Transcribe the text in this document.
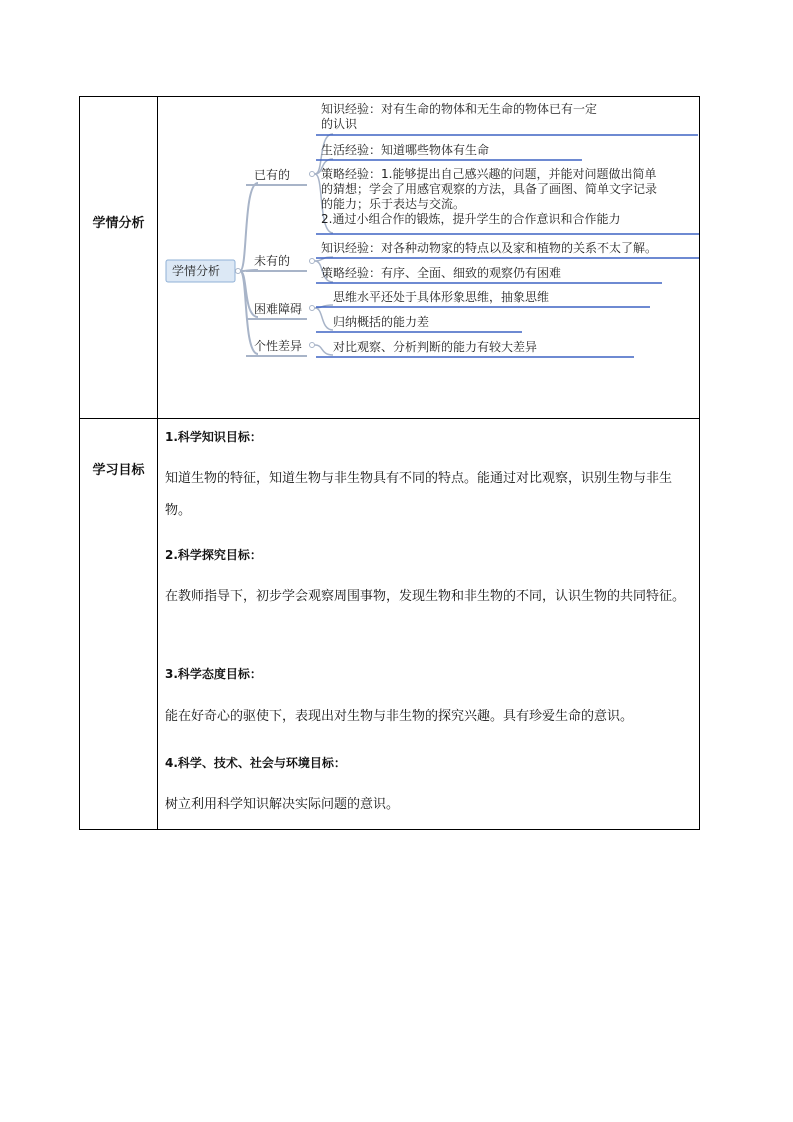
学情分析
学习目标
学情分析
已有的
未有的
困难障碍
个性差异
知识经验：对有生命的物体和无生命的物体已有一定
的认识
生活经验：知道哪些物体有生命
策略经验：1.能够提出自己感兴趣的问题，并能对问题做出简单
的猜想；学会了用感官观察的方法，具备了画图、简单文字记录
的能力；乐于表达与交流。
2.通过小组合作的锻炼，提升学生的合作意识和合作能力
知识经验：对各种动物家的特点以及家和植物的关系不太了解。
策略经验：有序、全面、细致的观察仍有困难
思维水平还处于具体形象思维，抽象思维
归纳概括的能力差
对比观察、分析判断的能力有较大差异
1.科学知识目标：
知道生物的特征，知道生物与非生物具有不同的特点。能通过对比观察，识别生物与非生物。
2.科学探究目标：
在教师指导下，初步学会观察周围事物，发现生物和非生物的不同，认识生物的共同特征。
3.科学态度目标：
能在好奇心的驱使下，表现出对生物与非生物的探究兴趣。具有珍爱生命的意识。
4.科学、技术、社会与环境目标：
树立利用科学知识解决实际问题的意识。
